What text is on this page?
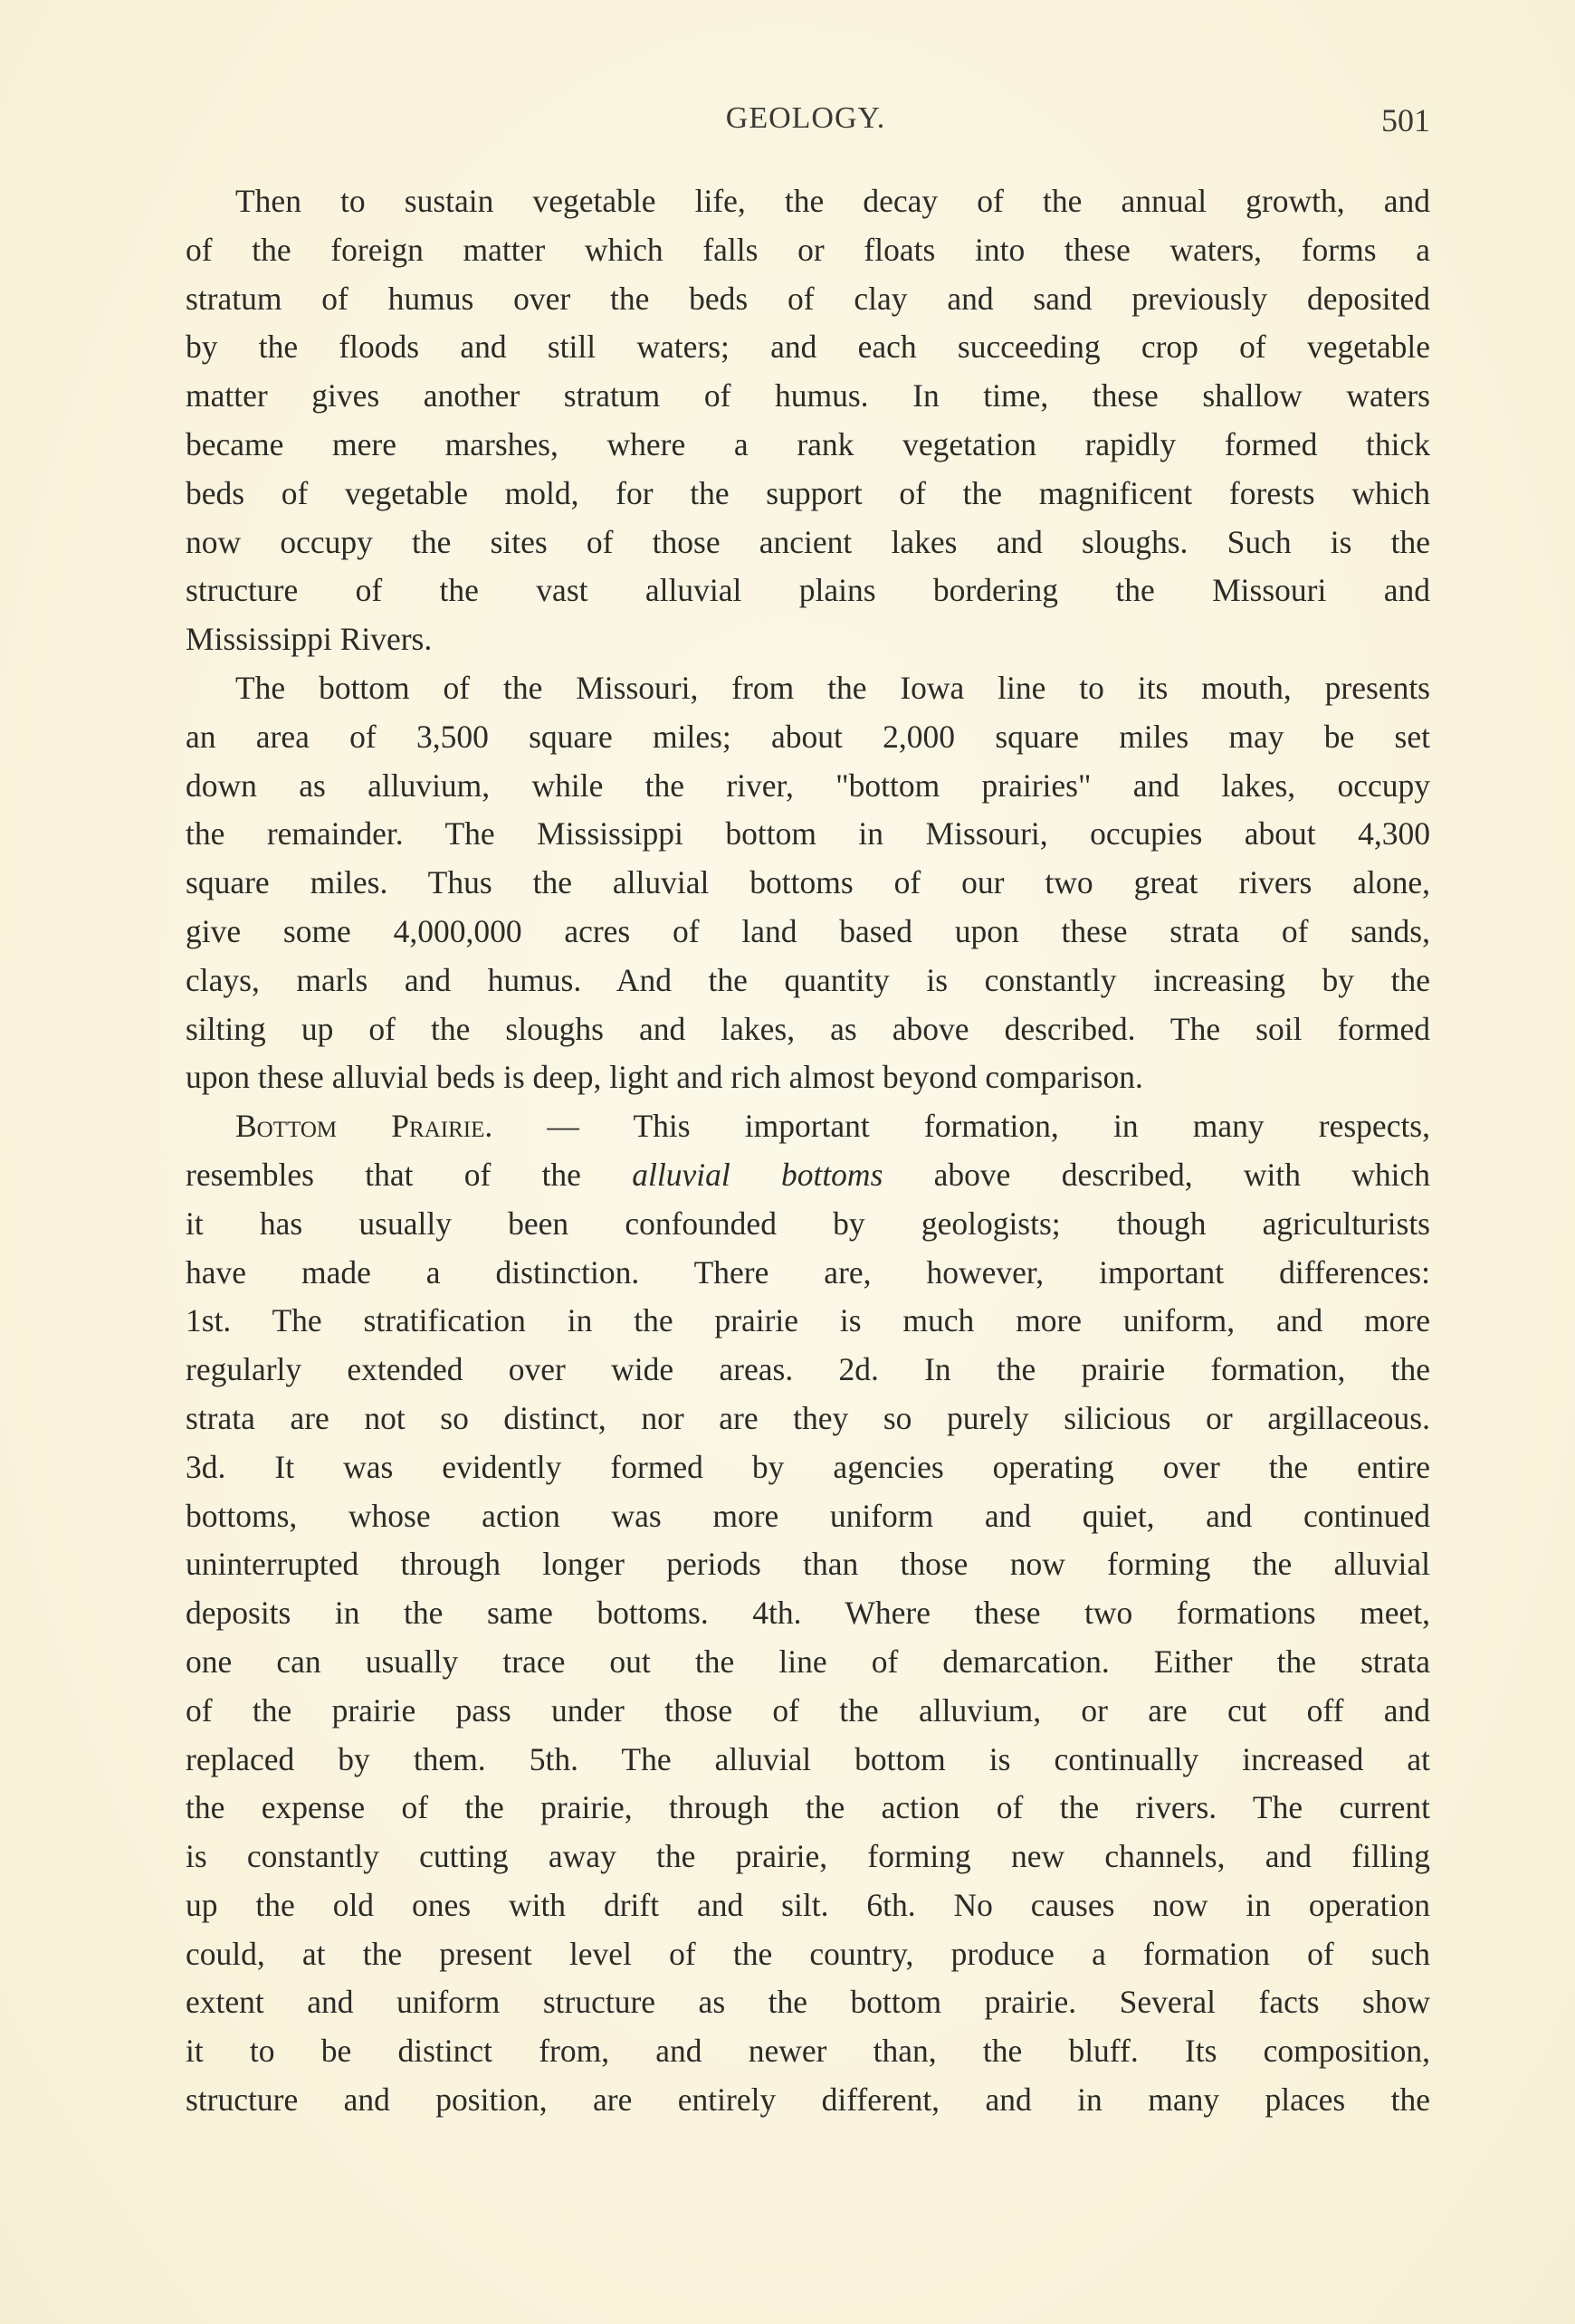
GEOLOGY.	501
Then to sustain vegetable life, the decay of the annual growth, and
of the foreign matter which falls or floats into these waters, forms a
stratum of humus over the beds of clay and sand previously deposited
by the floods and still waters; and each succeeding crop of vegetable
matter gives another stratum of humus. In time, these shallow waters
became mere marshes, where a rank vegetation rapidly formed thick
beds of vegetable mold, for the support of the magnificent forests which
now occupy the sites of those ancient lakes and sloughs. Such is the
structure of the vast alluvial plains bordering the Missouri and
Mississippi Rivers.
The bottom of the Missouri, from the Iowa line to its mouth, presents
an area of 3,500 square miles; about 2,000 square miles may be set
down as alluvium, while the river, "bottom prairies" and lakes, occupy
the remainder. The Mississippi bottom in Missouri, occupies about 4,300
square miles. Thus the alluvial bottoms of our two great rivers alone,
give some 4,000,000 acres of land based upon these strata of sands,
clays, marls and humus. And the quantity is constantly increasing by the
silting up of the sloughs and lakes, as above described. The soil formed
upon these alluvial beds is deep, light and rich almost beyond comparison.
Bottom Prairie. — This important formation, in many respects,
resembles that of the alluvial bottoms above described, with which
it has usually been confounded by geologists; though agriculturists
have made a distinction. There are, however, important differences:
1st. The stratification in the prairie is much more uniform, and more
regularly extended over wide areas. 2d. In the prairie formation, the
strata are not so distinct, nor are they so purely silicious or argillaceous.
3d. It was evidently formed by agencies operating over the entire
bottoms, whose action was more uniform and quiet, and continued
uninterrupted through longer periods than those now forming the alluvial
deposits in the same bottoms. 4th. Where these two formations meet,
one can usually trace out the line of demarcation. Either the strata
of the prairie pass under those of the alluvium, or are cut off and
replaced by them. 5th. The alluvial bottom is continually increased at
the expense of the prairie, through the action of the rivers. The current
is constantly cutting away the prairie, forming new channels, and filling
up the old ones with drift and silt. 6th. No causes now in operation
could, at the present level of the country, produce a formation of such
extent and uniform structure as the bottom prairie. Several facts show
it to be distinct from, and newer than, the bluff. Its composition,
structure and position, are entirely different, and in many places the
